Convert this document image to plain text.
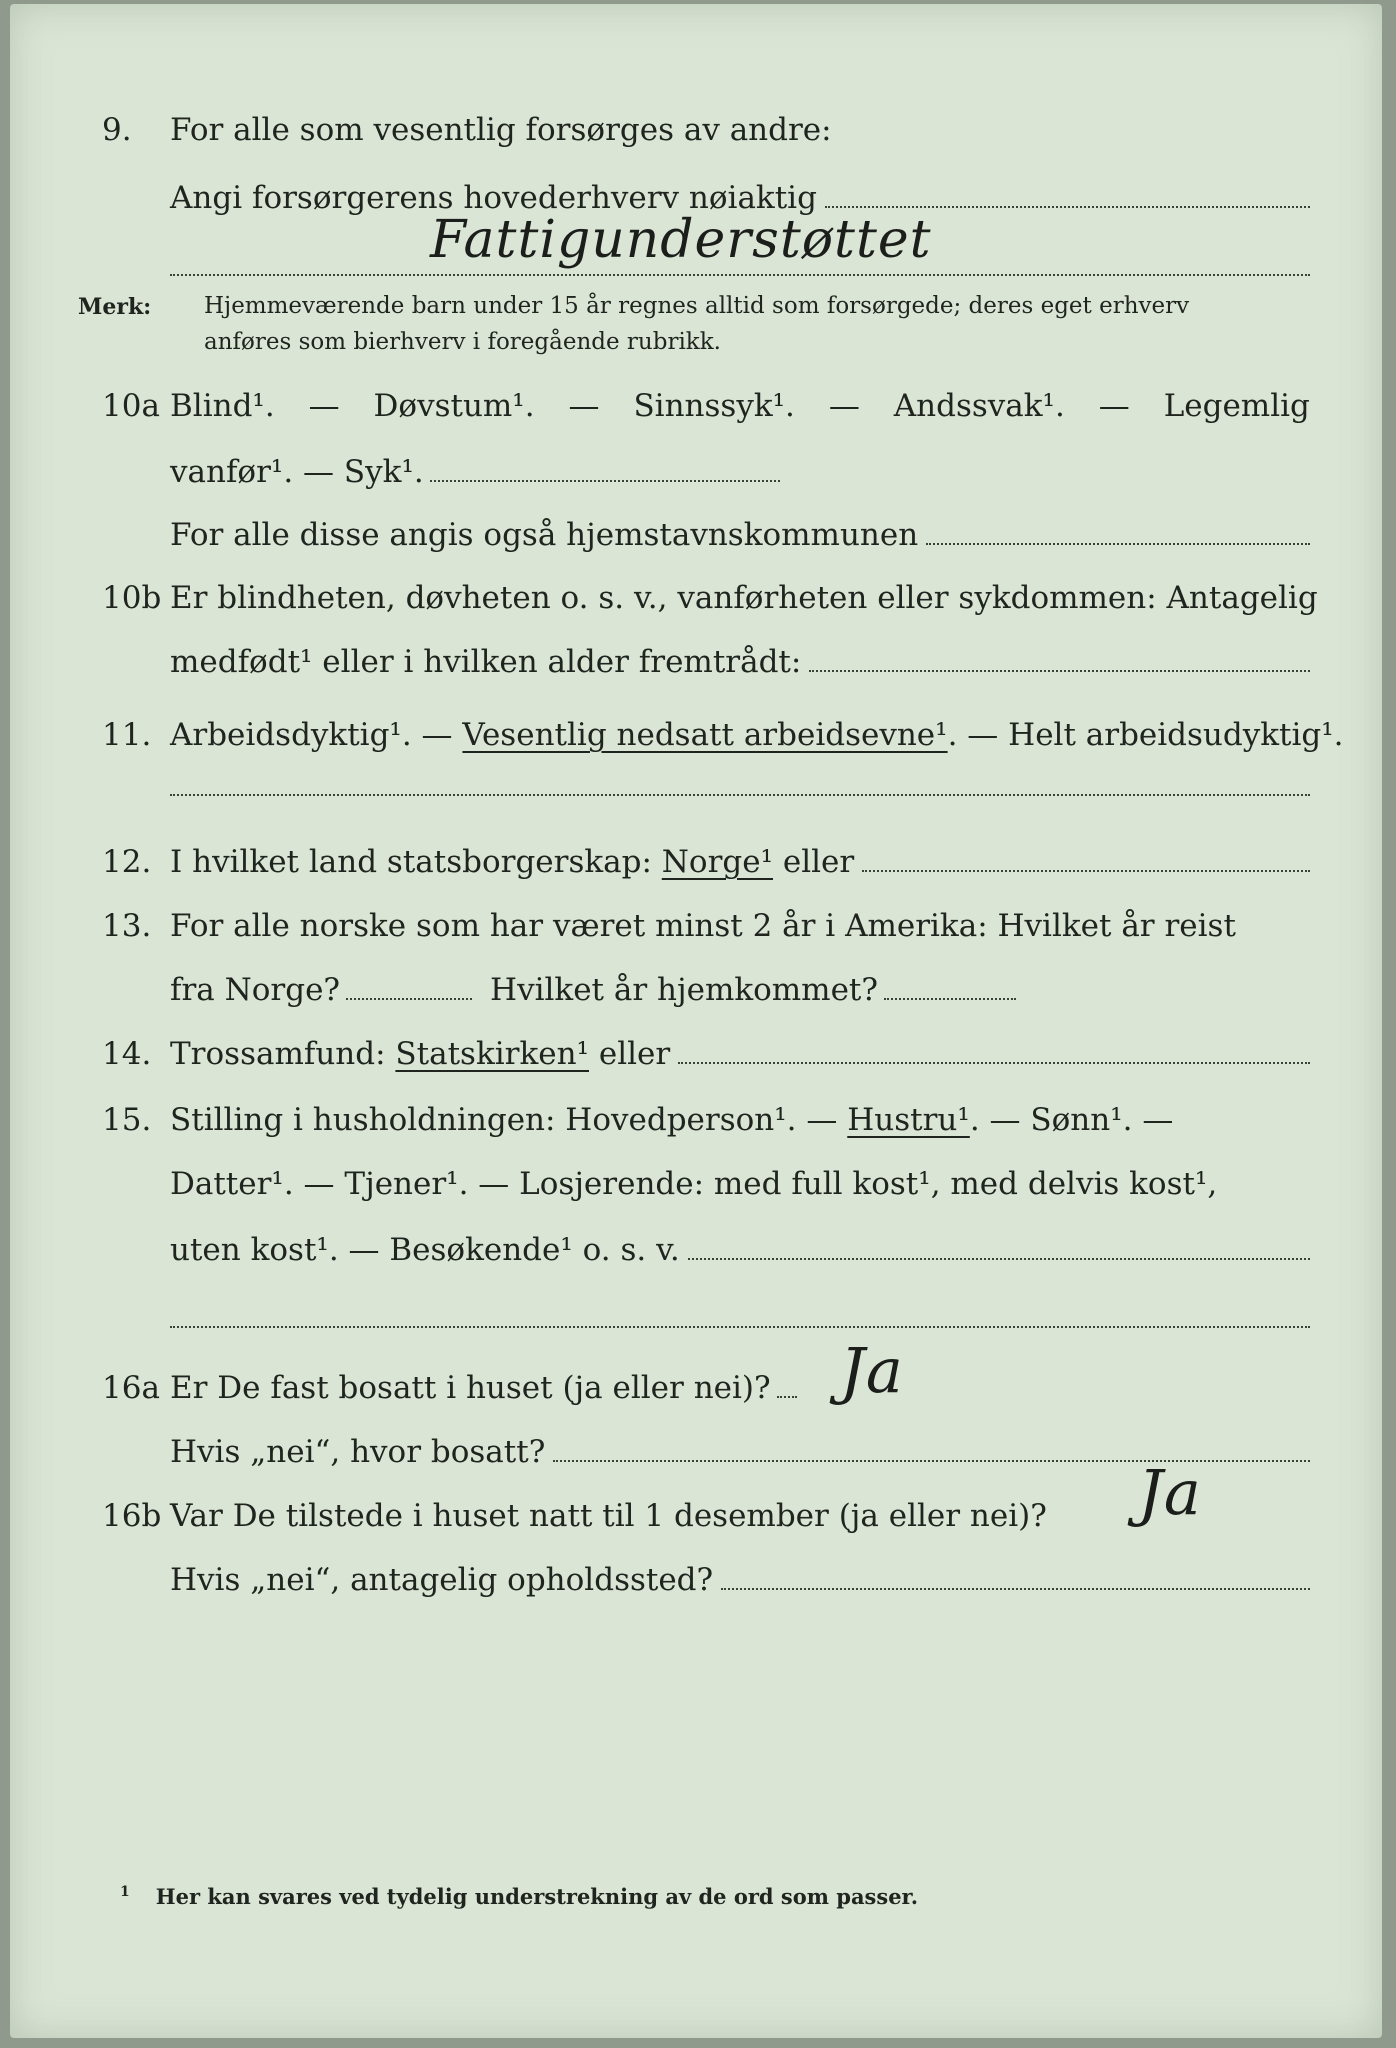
9. For alle som vesentlig forsørges av andre:
Angi forsørgerens hovederhverv nøiaktig
Fattigunderstøttet
Merk: Hjemmeværende barn under 15 år regnes alltid som forsørgede; deres eget erhverv
anføres som bierhverv i foregående rubrikk.
10a Blind¹. — Døvstum¹. — Sinnssyk¹. — Andssvak¹. — Legemlig
vanfør¹. — Syk¹.
For alle disse angis også hjemstavnskommunen
10b Er blindheten, døvheten o. s. v., vanførheten eller sykdommen: Antagelig
medfødt¹ eller i hvilken alder fremtrådt:
11. Arbeidsdyktig¹. — Vesentlig nedsatt arbeidsevne¹ . — Helt arbeidsudyktig¹.
12. I hvilket land statsborgerskap: Norge¹ eller
13. For alle norske som har været minst 2 år i Amerika: Hvilket år reist
fra Norge?	Hvilket år hjemkommet?
14. Trossamfund: Statskirken¹ eller
15. Stilling i husholdningen: Hovedperson¹. — Hustru¹ . — Sønn¹. —
Datter¹. — Tjener¹. — Losjerende: med full kost¹, med delvis kost¹,
uten kost¹. — Besøkende¹ o. s. v.
16a Er De fast bosatt i huset (ja eller nei)? Ja
Hvis „nei“, hvor bosatt?
16b Var De tilstede i huset natt til 1 desember (ja eller nei)? Ja
Hvis „nei“, antagelig opholdssted?
$^1$ Her kan svares ved tydelig understrekning av de ord som passer.
